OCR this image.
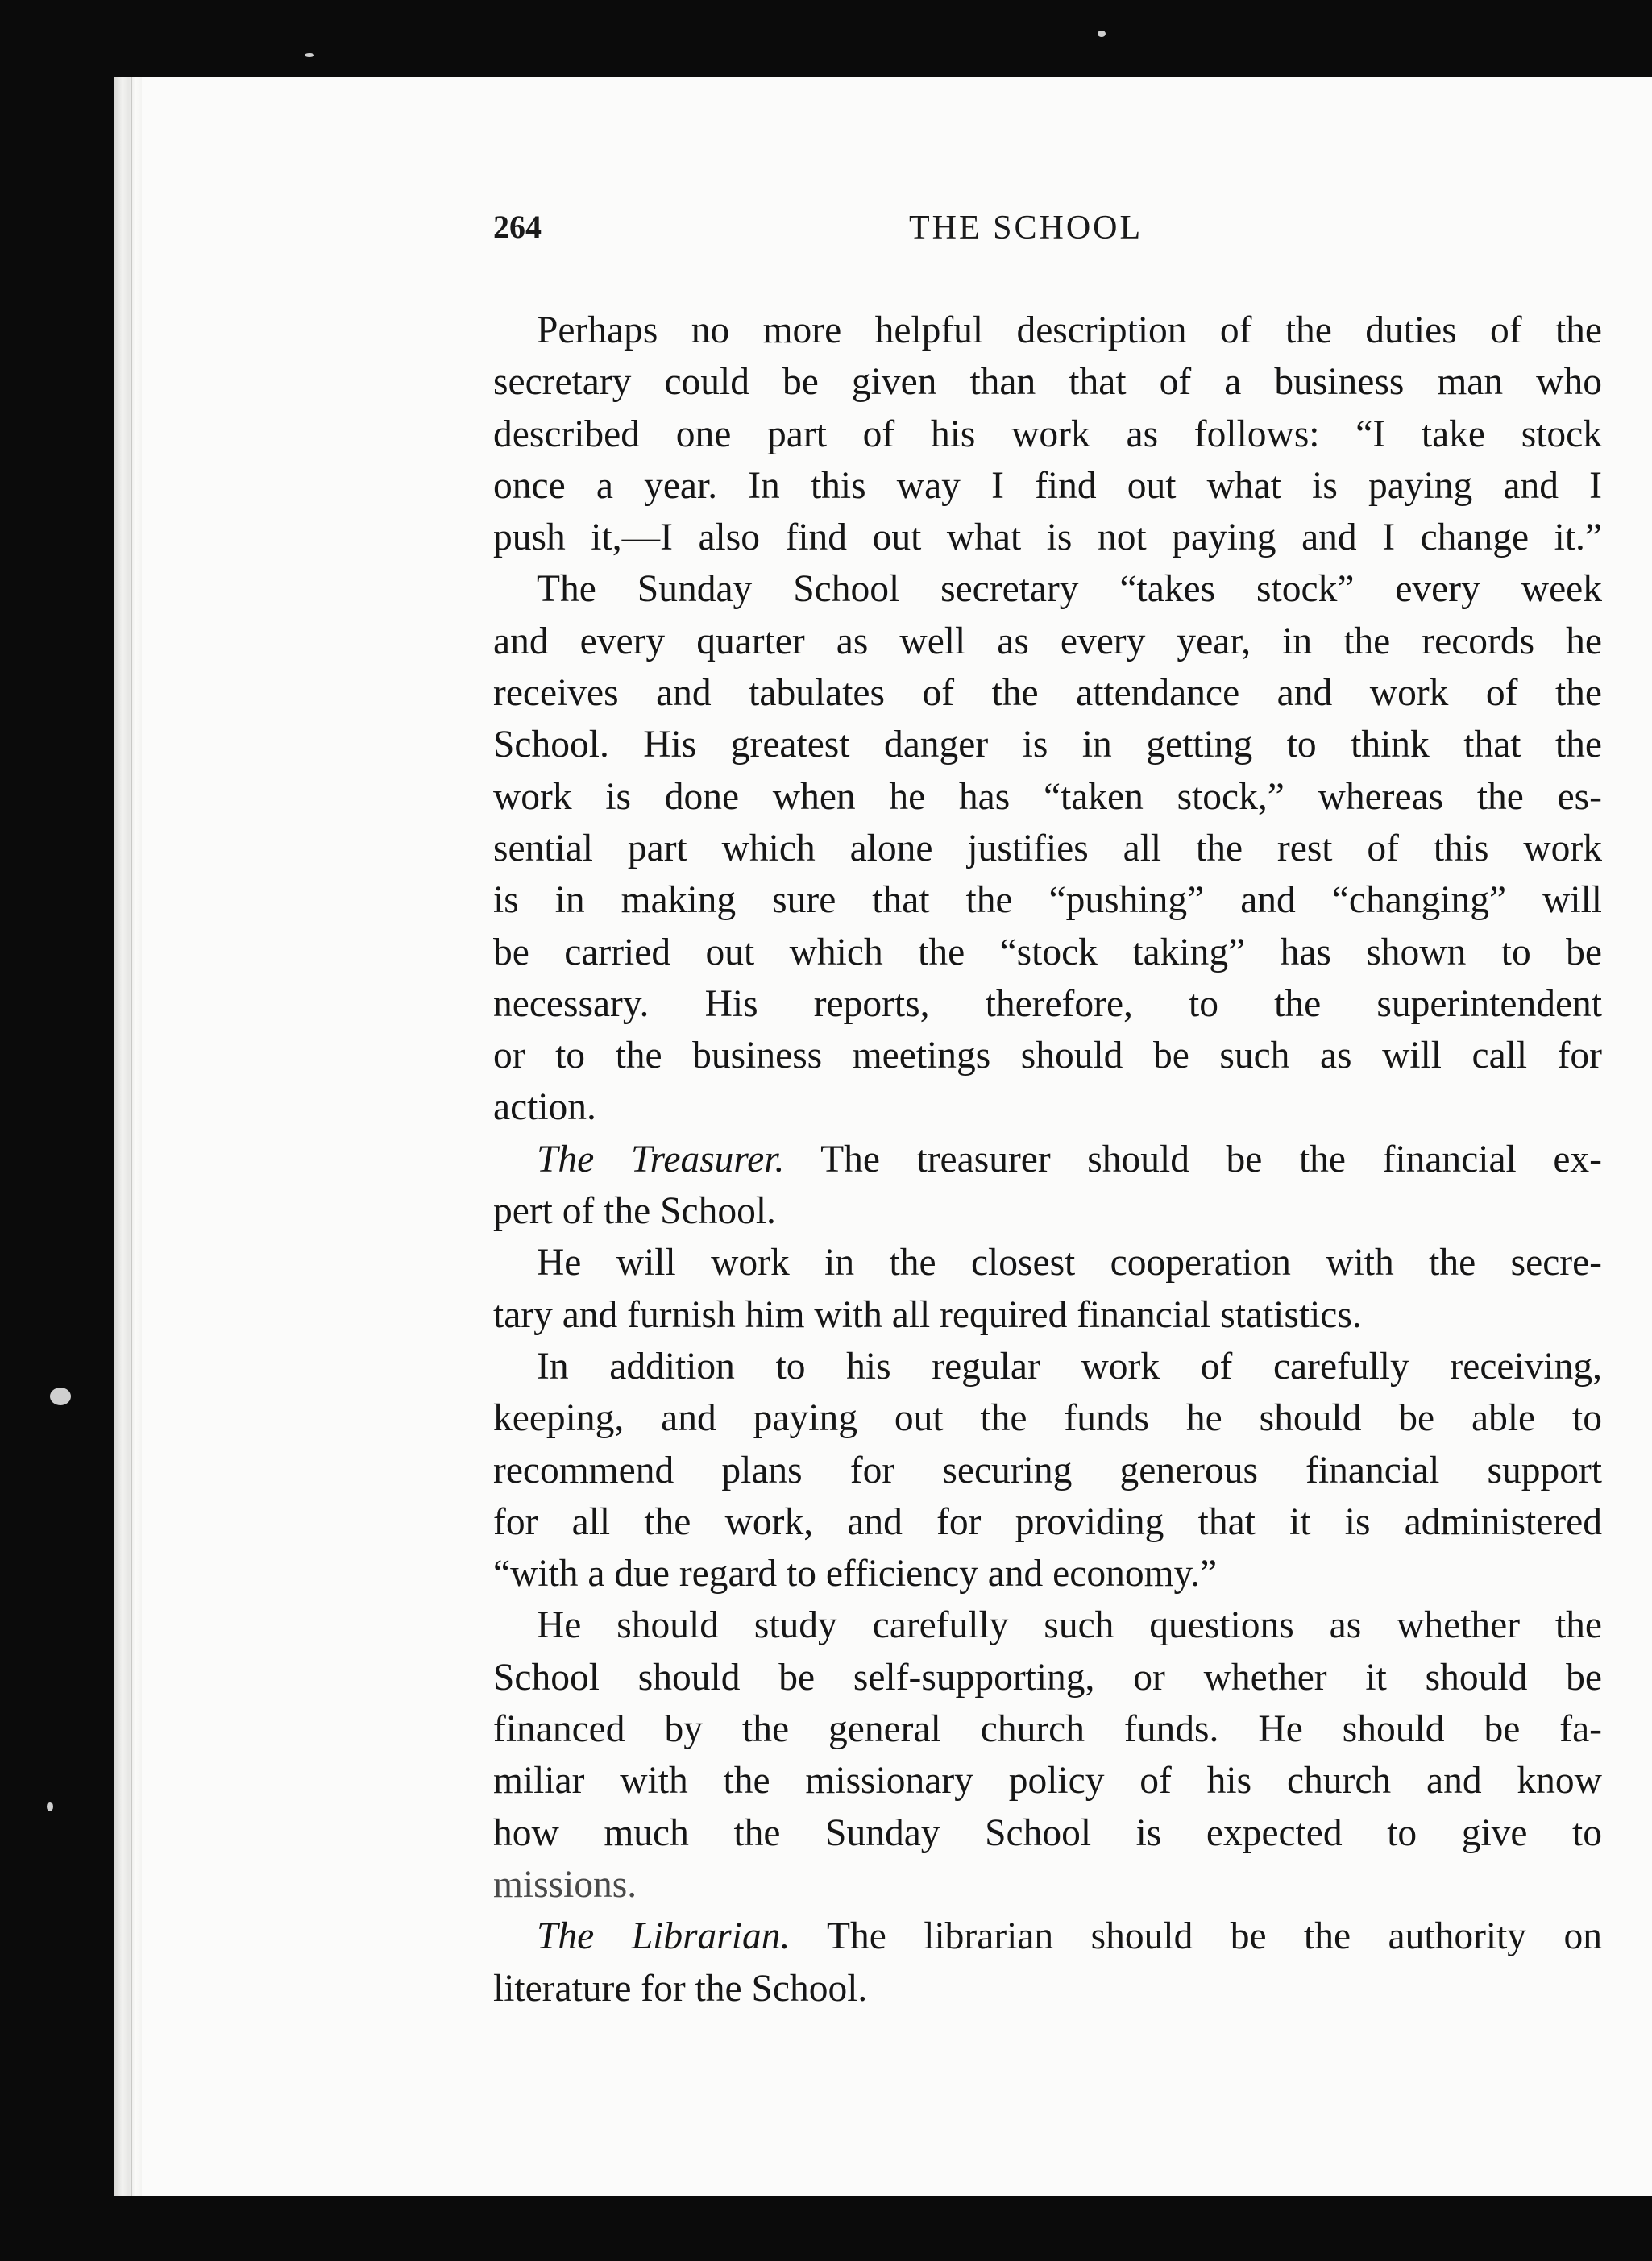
264	THE SCHOOL

Perhaps no more helpful description of the duties of the
secretary could be given than that of a business man who
described one part of his work as follows: “I take stock
once a year. In this way I find out what is paying and I
push it,—I also find out what is not paying and I change it.”

The Sunday School secretary “takes stock” every week
and every quarter as well as every year, in the records he
receives and tabulates of the attendance and work of the
School. His greatest danger is in getting to think that the
work is done when he has “taken stock,” whereas the es-
sential part which alone justifies all the rest of this work
is in making sure that the “pushing” and “changing” will
be carried out which the “stock taking” has shown to be
necessary. His reports, therefore, to the superintendent
or to the business meetings should be such as will call for
action.

The Treasurer. The treasurer should be the financial ex-
pert of the School.

He will work in the closest cooperation with the secre-
tary and furnish him with all required financial statistics.

In addition to his regular work of carefully receiving,
keeping, and paying out the funds he should be able to
recommend plans for securing generous financial support
for all the work, and for providing that it is administered
“with a due regard to efficiency and economy.”

He should study carefully such questions as whether the
School should be self-supporting, or whether it should be
financed by the general church funds. He should be fa-
miliar with the missionary policy of his church and know
how much the Sunday School is expected to give to
missions.

The Librarian. The librarian should be the authority on
literature for the School.
